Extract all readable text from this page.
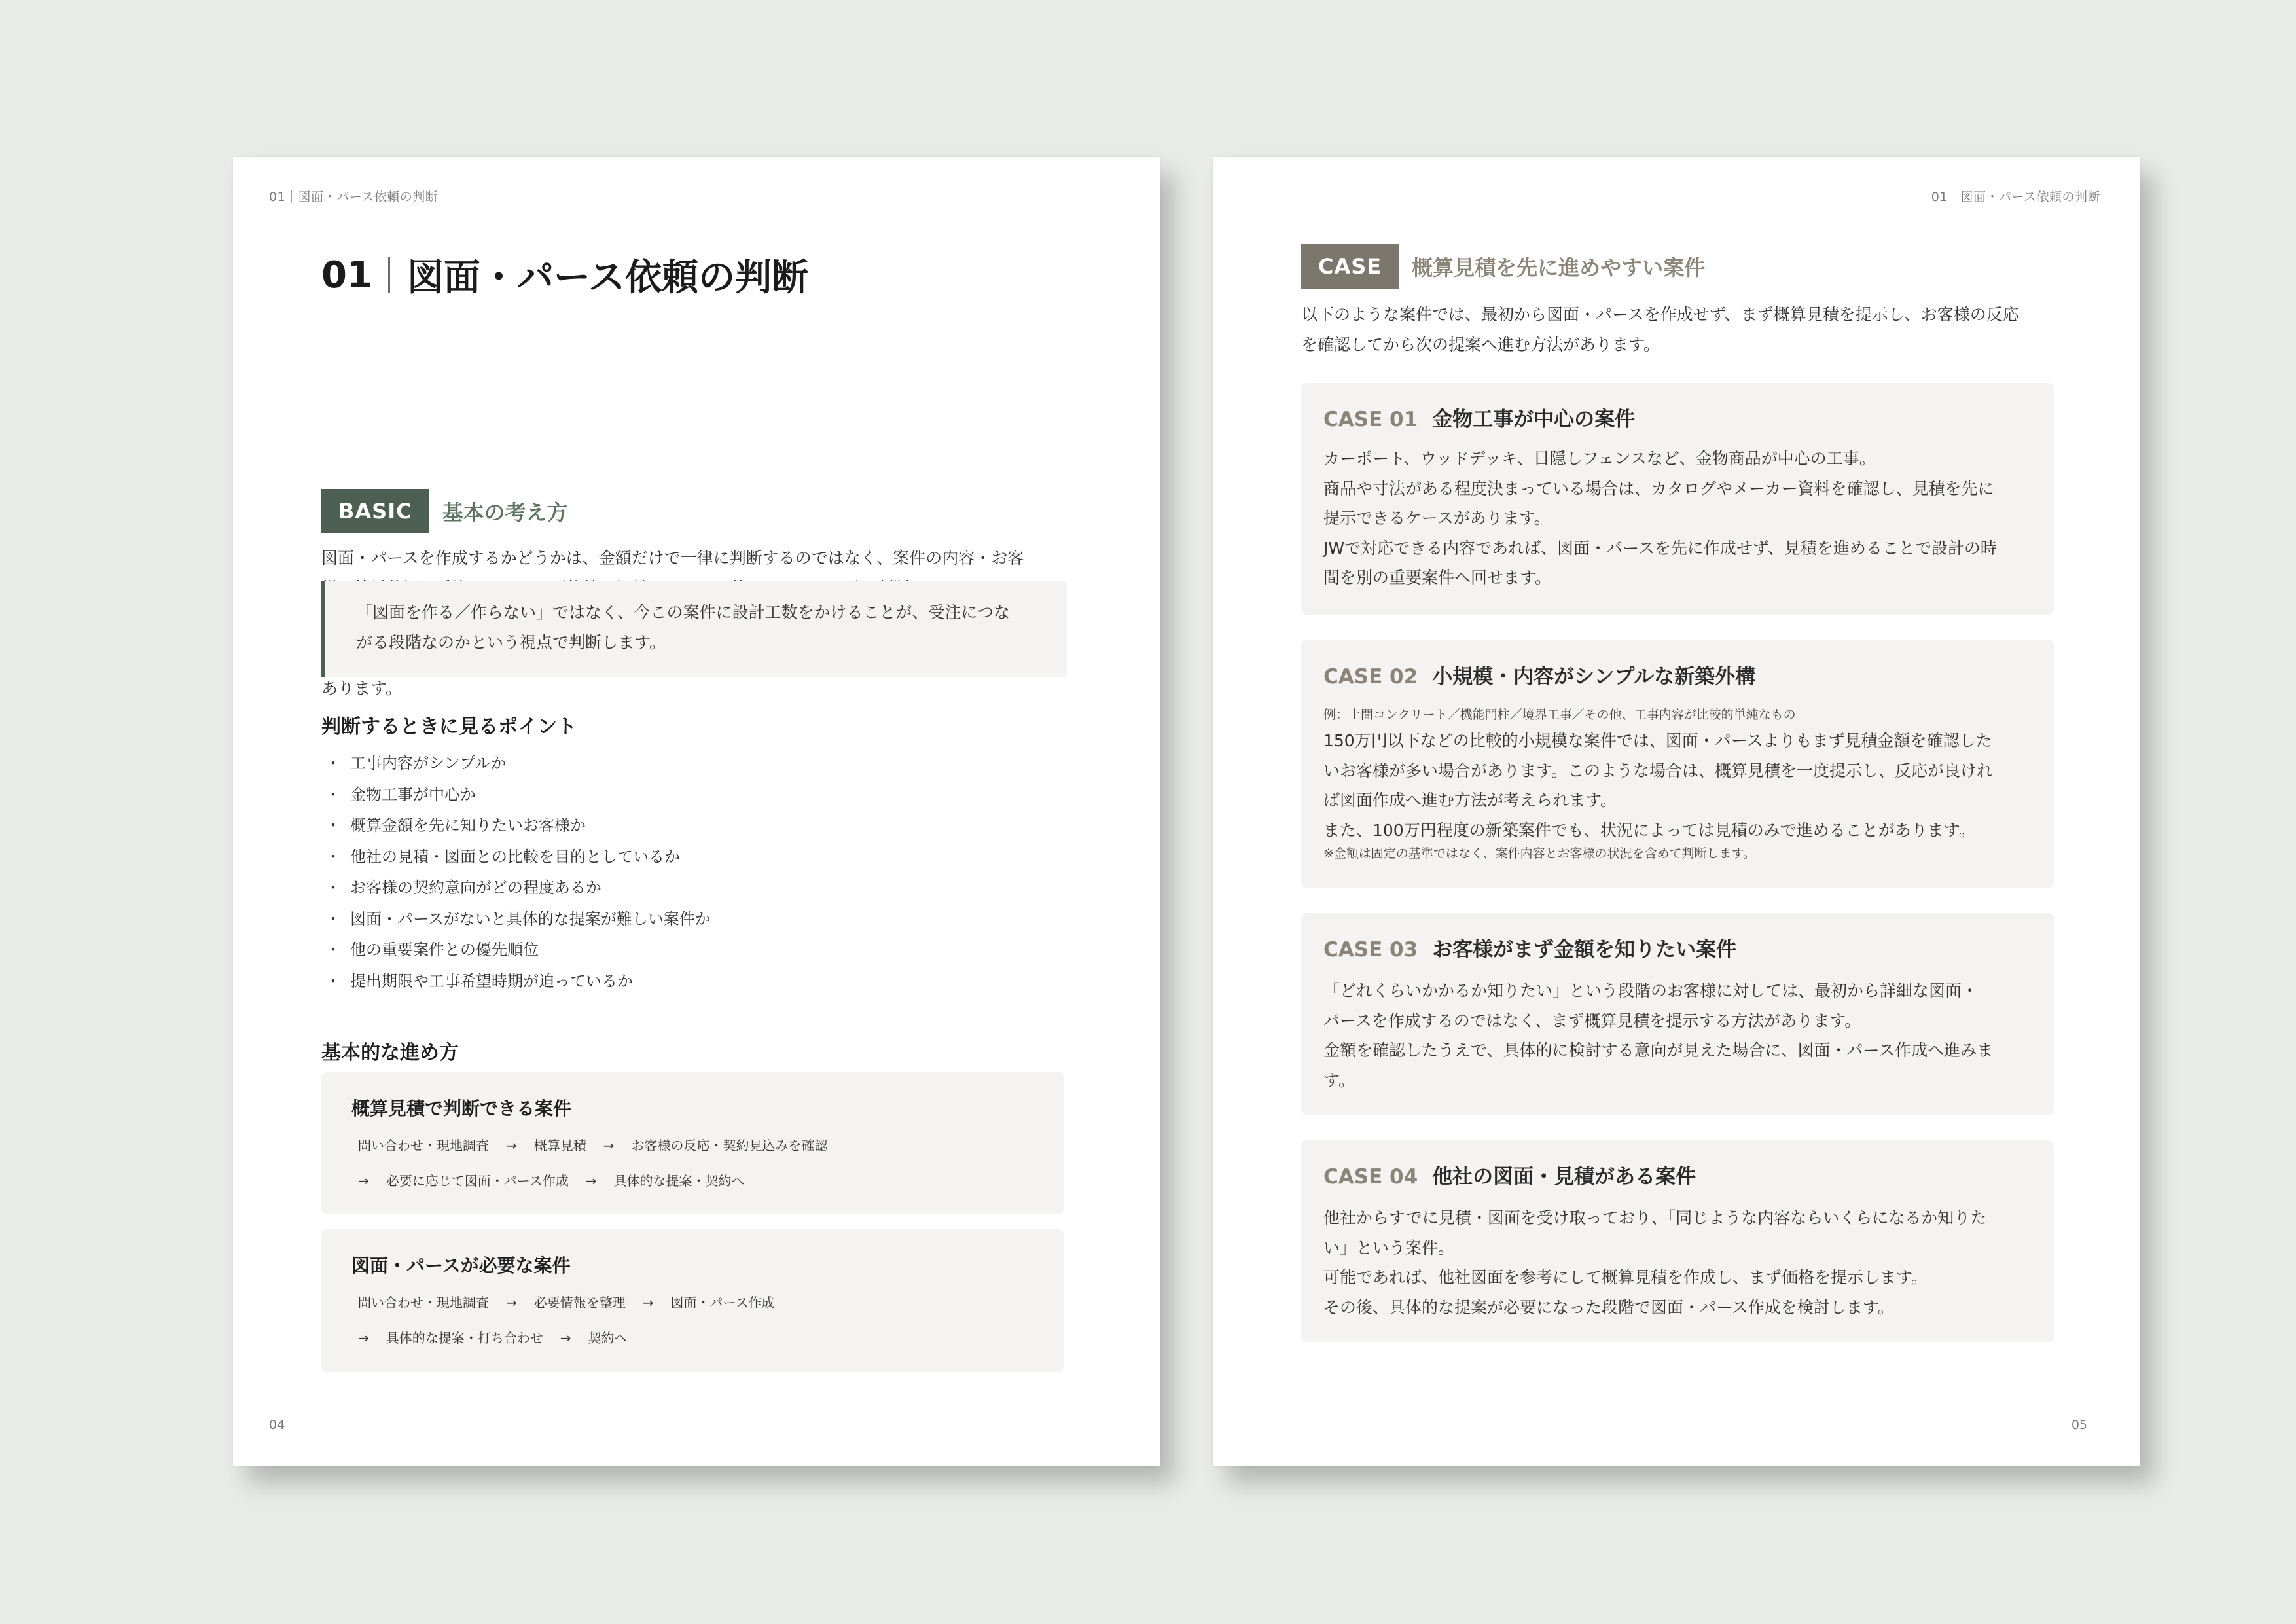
01｜図面・パース依頼の判断
01 図面・パース依頼の判断
BASIC	基本の考え方
図面・パースを作成するかどうかは、金額だけで一律に判断するのではなく、案件の内容・お客
あります。
「図面を作る／作らない」ではなく、今この案件に設計工数をかけることが、受注につな
がる段階なのかという視点で判断します。
判断するときに見るポイント
・ 工事内容がシンプルか
・ 金物工事が中心か
・ 概算金額を先に知りたいお客様か
・ 他社の見積・図面との比較を目的としているか
・ お客様の契約意向がどの程度あるか
・ 図面・パースがないと具体的な提案が難しい案件か
・ 他の重要案件との優先順位
・ 提出期限や工事希望時期が迫っているか
基本的な進め方
概算見積で判断できる案件
問い合わせ・現地調査 → 概算見積 → お客様の反応・契約見込みを確認
→ 必要に応じて図面・パース作成 → 具体的な提案・契約へ
図面・パースが必要な案件
問い合わせ・現地調査 → 必要情報を整理 → 図面・パース作成
→ 具体的な提案・打ち合わせ → 契約へ
04
01｜図面・パース依頼の判断
CASE	概算見積を先に進めやすい案件
以下のような案件では、最初から図面・パースを作成せず、まず概算見積を提示し、お客様の反応
を確認してから次の提案へ進む方法があります。
CASE 01 金物工事が中心の案件

カーポート、ウッドデッキ、目隠しフェンスなど、金物商品が中心の工事。

商品や寸法がある程度決まっている場合は、カタログやメーカー資料を確認し、見積を先に

提示できるケースがあります。

JWで対応できる内容であれば、図面・パースを先に作成せず、見積を進めることで設計の時

間を別の重要案件へ回せます。

CASE 02 小規模・内容がシンプルな新築外構

例：土間コンクリート／機能門柱／境界工事／その他、工事内容が比較的単純なもの

150万円以下などの比較的小規模な案件では、図面・パースよりもまず見積金額を確認した

いお客様が多い場合があります。このような場合は、概算見積を一度提示し、反応が良けれ

ば図面作成へ進む方法が考えられます。

また、100万円程度の新築案件でも、状況によっては見積のみで進めることがあります。

※金額は固定の基準ではなく、案件内容とお客様の状況を含めて判断します。

CASE 03 お客様がまず金額を知りたい案件

「どれくらいかかるか知りたい」という段階のお客様に対しては、最初から詳細な図面・

パースを作成するのではなく、まず概算見積を提示する方法があります。

金額を確認したうえで、具体的に検討する意向が見えた場合に、図面・パース作成へ進みま

す。

CASE 04 他社の図面・見積がある案件

他社からすでに見積・図面を受け取っており、「同じような内容ならいくらになるか知りた

い」という案件。

可能であれば、他社図面を参考にして概算見積を作成し、まず価格を提示します。

その後、具体的な提案が必要になった段階で図面・パース作成を検討します。

05
